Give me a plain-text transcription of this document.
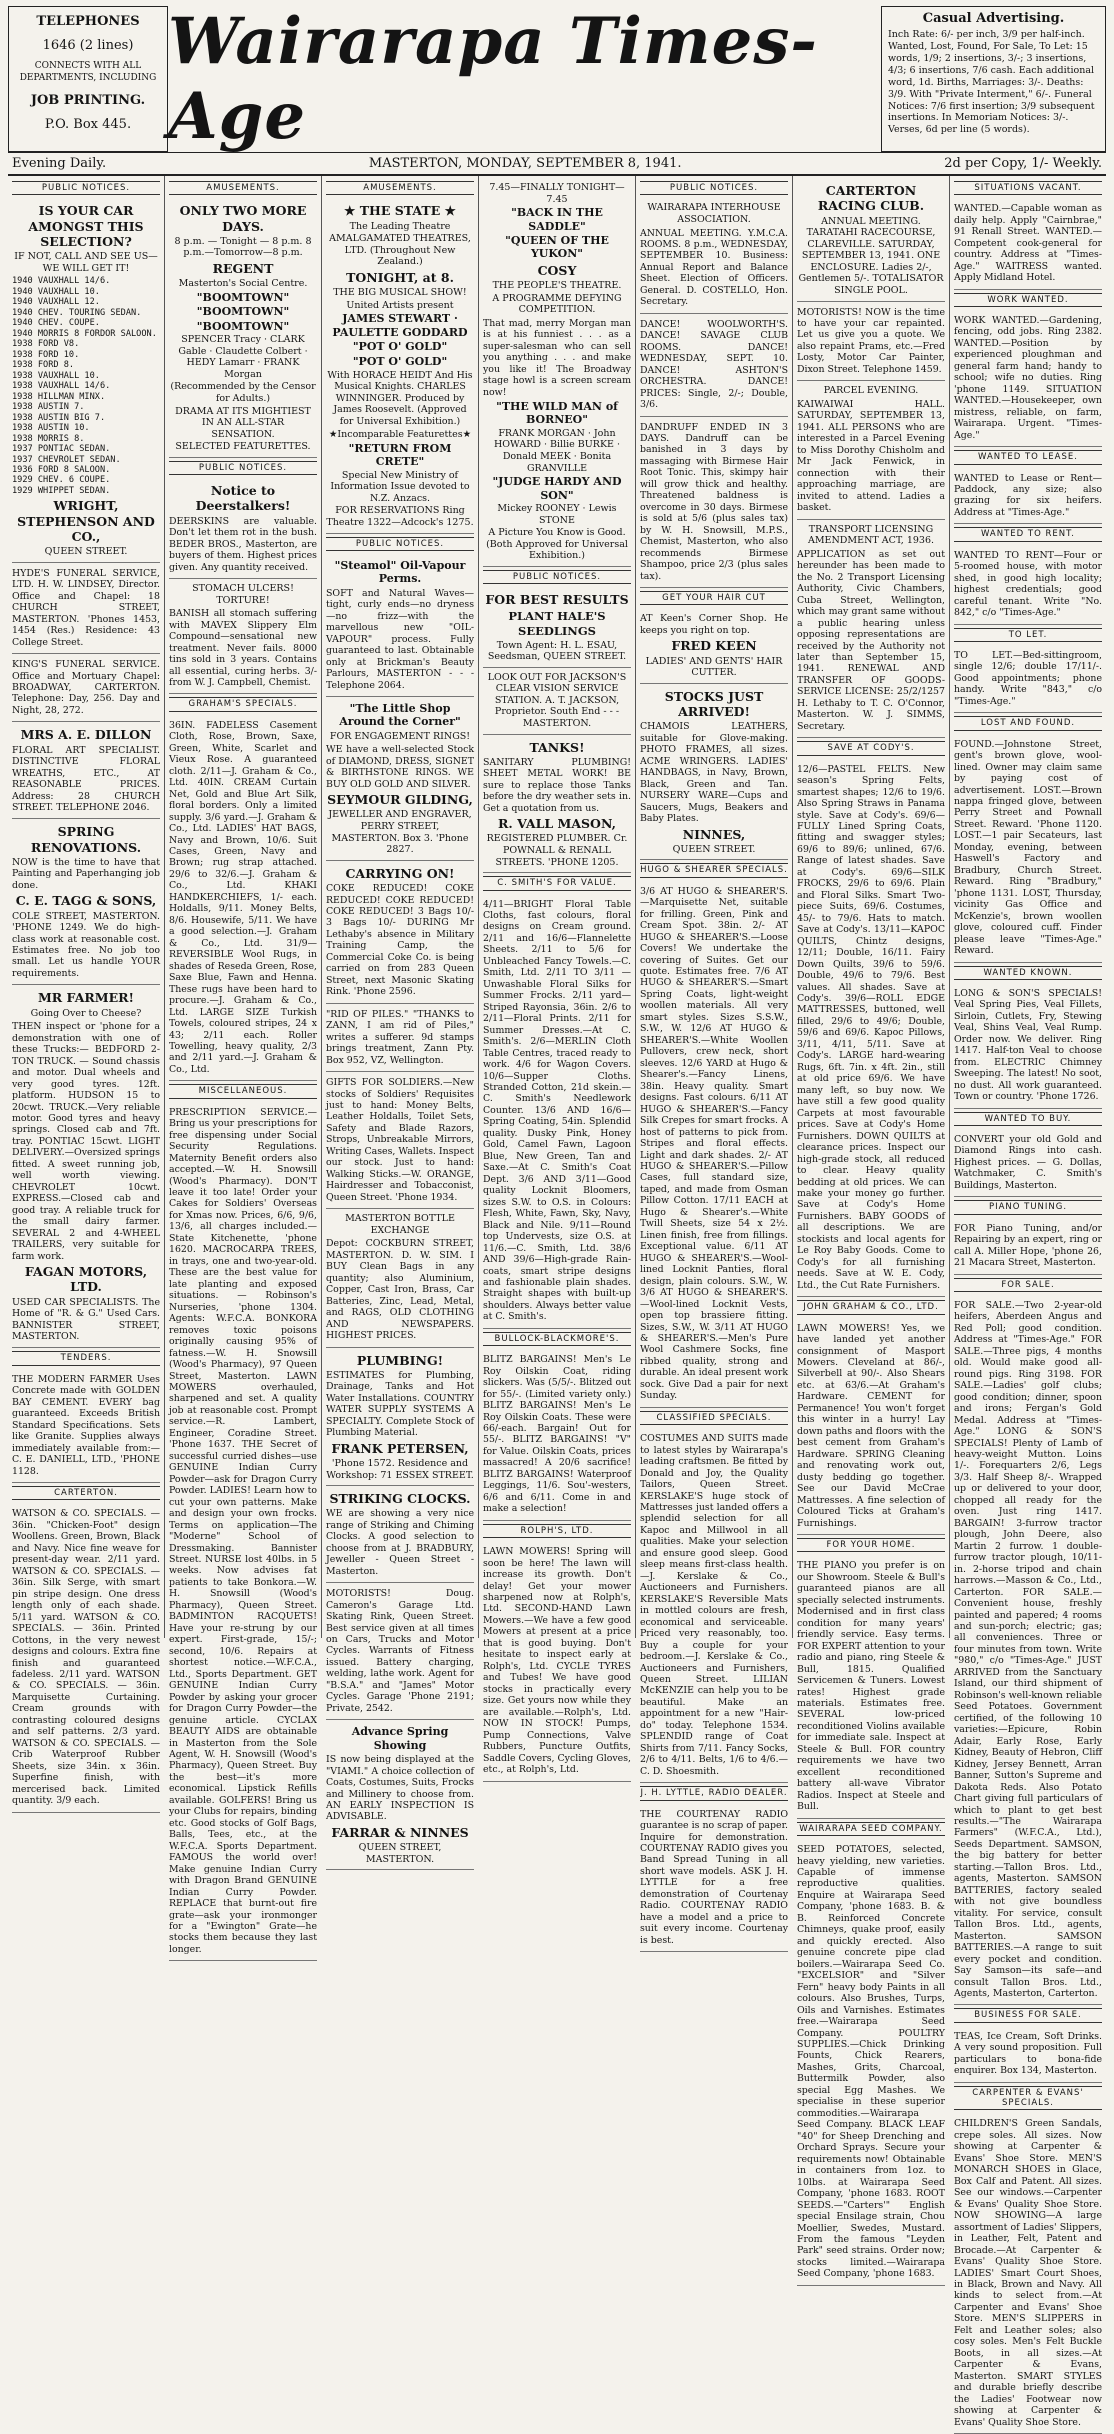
TELEPHONES
1646 (2 lines)
CONNECTS WITH ALL DEPARTMENTS, INCLUDING
JOB PRINTING.
P.O. Box 445.
Wairarapa Times-Age
Casual Advertising.
Inch Rate: 6/- per inch, 3/9 per half-inch. Wanted, Lost, Found, For Sale, To Let: 15 words, 1/9; 2 insertions, 3/-; 3 insertions, 4/3; 6 insertions, 7/6 cash. Each additional word, 1d. Births, Marriages: 3/-. Deaths: 3/9. With "Private Interment," 6/-. Funeral Notices: 7/6 first insertion; 3/9 subsequent insertions. In Memoriam Notices: 3/-. Verses, 6d per line (5 words).
Evening Daily.	MASTERTON, MONDAY, SEPTEMBER 8, 1941.	2d per Copy, 1/- Weekly.
PUBLIC NOTICES.
IS YOUR CAR AMONGST THIS SELECTION?
IF NOT, CALL AND SEE US— WE WILL GET IT!
1940 VAUXHALL 14/6.
1940 VAUXHALL 10.
1940 VAUXHALL 12.
1940 CHEV. TOURING SEDAN.
1940 CHEV. COUPE.
1940 MORRIS 8 FORDOR SALOON.
1938 FORD V8.
1938 FORD 10.
1938 FORD 8.
1938 VAUXHALL 10.
1938 VAUXHALL 14/6.
1938 HILLMAN MINX.
1938 AUSTIN 7.
1938 AUSTIN BIG 7.
1938 AUSTIN 10.
1938 MORRIS 8.
1937 PONTIAC SEDAN.
1937 CHEVROLET SEDAN.
1936 FORD 8 SALOON.
1929 CHEV. 6 COUPE.
1929 WHIPPET SEDAN.
WRIGHT, STEPHENSON AND CO.,
QUEEN STREET.

HYDE'S FUNERAL SERVICE, LTD. H. W. LINDSEY, Director. Office and Chapel: 18 CHURCH STREET, MASTERTON. 'Phones 1453, 1454 (Res.) Residence: 43 College Street.

KING'S FUNERAL SERVICE. Office and Mortuary Chapel: BROADWAY, CARTERTON. Telephone: Day, 256. Day and Night, 28, 272.

MRS A. E. DILLON

FLORAL ART SPECIALIST. DISTINCTIVE FLORAL WREATHS, ETC., AT REASONABLE PRICES. Address: 28 CHURCH STREET. TELEPHONE 2046.

SPRING RENOVATIONS.

NOW is the time to have that Painting and Paperhanging job done.

C. E. TAGG & SONS,

COLE STREET, MASTERTON. 'PHONE 1249. We do high-class work at reasonable cost. Estimates free. No job too small. Let us handle YOUR requirements.

MR FARMER!
Going Over to Cheese?

THEN inspect or 'phone for a demonstration with one of these Trucks:— BEDFORD 2-TON TRUCK. — Sound chassis and motor. Dual wheels and very good tyres. 12ft. platform. HUDSON 15 to 20cwt. TRUCK.—Very reliable motor. Good tyres and heavy springs. Closed cab and 7ft. tray. PONTIAC 15cwt. LIGHT DELIVERY.—Oversized springs fitted. A sweet running job, well worth viewing. CHEVROLET 10cwt. EXPRESS.—Closed cab and good tray. A reliable truck for the small dairy farmer. SEVERAL 2 and 4-WHEEL TRAILERS, very suitable for farm work.

FAGAN MOTORS, LTD.

USED CAR SPECIALISTS. The Home of "R. & G." Used Cars. BANNISTER STREET, MASTERTON.

TENDERS.

THE MODERN FARMER Uses Concrete made with GOLDEN BAY CEMENT. EVERY bag guaranteed. Exceeds British Standard Specifications. Sets like Granite. Supplies always immediately available from:— C. E. DANIELL, LTD., 'PHONE 1128.

CARTERTON.

WATSON & CO. SPECIALS. — 36in. "Chicken-Foot" design Woollens. Green, Brown, Black and Navy. Nice fine weave for present-day wear. 2/11 yard. WATSON & CO. SPECIALS. — 36in. Silk Serge, with smart pin stripe design. One dress length only of each shade. 5/11 yard. WATSON & CO. SPECIALS. — 36in. Printed Cottons, in the very newest designs and colours. Extra fine finish and guaranteed fadeless. 2/11 yard. WATSON & CO. SPECIALS. — 36in. Marquisette Curtaining. Cream grounds with contrasting coloured designs and self patterns. 2/3 yard. WATSON & CO. SPECIALS. — Crib Waterproof Rubber Sheets, size 34in. x 36in. Superfine finish, with mercerised back. Limited quantity. 3/9 each.

AMUSEMENTS.
ONLY TWO MORE DAYS.
8 p.m. — Tonight — 8 p.m. 8 p.m.—Tomorrow—8 p.m.
REGENT
Masterton's Social Centre.
"BOOMTOWN"
"BOOMTOWN"
"BOOMTOWN"
SPENCER Tracy · CLARK Gable · Claudette Colbert · HEDY Lamarr · FRANK Morgan
(Recommended by the Censor for Adults.)
DRAMA AT ITS MIGHTIEST IN AN ALL-STAR SENSATION.
SELECTED FEATURETTES.
PUBLIC NOTICES.
Notice to Deerstalkers!

DEERSKINS are valuable. Don't let them rot in the bush. BEDER BROS., Masterton, are buyers of them. Highest prices given. Any quantity received.

STOMACH ULCERS! TORTURE!

BANISH all stomach suffering with MAVEX Slippery Elm Compound—sensational new treatment. Never fails. 8000 tins sold in 3 years. Contains all essential, curing herbs. 3/- from W. J. Campbell, Chemist.

GRAHAM'S SPECIALS.

36IN. FADELESS Casement Cloth, Rose, Brown, Saxe, Green, White, Scarlet and Vieux Rose. A guaranteed cloth. 2/11—J. Graham & Co., Ltd. 40IN. CREAM Curtain Net, Gold and Blue Art Silk, floral borders. Only a limited supply. 3/6 yard.—J. Graham & Co., Ltd. LADIES' HAT BAGS, Navy and Brown, 10/6. Suit Cases, Green, Navy and Brown; rug strap attached. 29/6 to 32/6.—J. Graham & Co., Ltd. KHAKI HANDKERCHIEFS, 1/- each. Holdalls, 9/11. Money Belts, 8/6. Housewife, 5/11. We have a good selection.—J. Graham & Co., Ltd. 31/9—REVERSIBLE Wool Rugs, in shades of Reseda Green, Rose, Saxe Blue, Fawn and Henna. These rugs have been hard to procure.—J. Graham & Co., Ltd. LARGE SIZE Turkish Towels, coloured stripes, 24 x 43; 2/11 each. Roller Towelling, heavy quality, 2/3 and 2/11 yard.—J. Graham & Co., Ltd.

MISCELLANEOUS.

PRESCRIPTION SERVICE.—Bring us your prescriptions for free dispensing under Social Security Regulations. Maternity Benefit orders also accepted.—W. H. Snowsill (Wood's Pharmacy). DON'T leave it too late! Order your Cakes for Soldiers' Overseas for Xmas now. Prices, 6/6, 9/6, 13/6, all charges included.—State Kitchenette, 'phone 1620. MACROCARPA TREES, in trays, one and two-year-old. These are the best value for late planting and exposed situations. — Robinson's Nurseries, 'phone 1304. Agents: W.F.C.A. BONKORA removes toxic poisons originally causing 95% of fatness.—W. H. Snowsill (Wood's Pharmacy), 97 Queen Street, Masterton. LAWN MOWERS overhauled, sharpened and set. A quality job at reasonable cost. Prompt service.—R. Lambert, Engineer, Coradine Street. 'Phone 1637. THE Secret of successful curried dishes—use GENUINE Indian Curry Powder—ask for Dragon Curry Powder. LADIES! Learn how to cut your own patterns. Make and design your own frocks. Terms on application—The "Moderne" School of Dressmaking. Bannister Street. NURSE lost 40lbs. in 5 weeks. Now advises fat patients to take Bonkora.—W. H. Snowsill (Wood's Pharmacy), Queen Street. BADMINTON RACQUETS! Have your re-strung by our expert. First-grade, 15/-; second, 10/6. Repairs at shortest notice.—W.F.C.A., Ltd., Sports Department. GET GENUINE Indian Curry Powder by asking your grocer for Dragon Curry Powder—the genuine article. CYCLAX BEAUTY AIDS are obtainable in Masterton from the Sole Agent, W. H. Snowsill (Wood's Pharmacy), Queen Street. Buy the best—it's more economical. Lipstick Refills available. GOLFERS! Bring us your Clubs for repairs, binding etc. Good stocks of Golf Bags, Balls, Tees, etc., at the W.F.C.A. Sports Department. FAMOUS the world over! Make genuine Indian Curry with Dragon Brand GENUINE Indian Curry Powder. REPLACE that burnt-out fire grate—ask your ironmonger for a "Ewington" Grate—he stocks them because they last longer.

AMUSEMENTS.
★ THE STATE ★
The Leading Theatre
AMALGAMATED THEATRES, LTD. (Throughout New Zealand.)
TONIGHT, at 8.
THE BIG MUSICAL SHOW!
United Artists present
JAMES STEWART · PAULETTE GODDARD
"POT O' GOLD"
"POT O' GOLD"

With HORACE HEIDT And His Musical Knights. CHARLES WINNINGER. Produced by James Roosevelt. (Approved for Universal Exhibition.)

★Incomparable Featurettes★
"RETURN FROM CRETE"
Special New Ministry of Information Issue devoted to N.Z. Anzacs.
FOR RESERVATIONS Ring Theatre 1322—Adcock's 1275.
PUBLIC NOTICES.
"Steamol" Oil-Vapour Perms.

SOFT and Natural Waves—tight, curly ends—no dryness—no frizz—with the marvellous new "OIL-VAPOUR" process. Fully guaranteed to last. Obtainable only at Brickman's Beauty Parlours, MASTERTON - - - Telephone 2064.

"The Little Shop Around the Corner"
FOR ENGAGEMENT RINGS!

WE have a well-selected Stock of DIAMOND, DRESS, SIGNET & BIRTHSTONE RINGS. WE BUY OLD GOLD AND SILVER.

SEYMOUR GILDING,
JEWELLER AND ENGRAVER, PERRY STREET, MASTERTON. Box 3. 'Phone 2827.
CARRYING ON!

COKE REDUCED! COKE REDUCED! COKE REDUCED! COKE REDUCED! 3 Bags 10/- 3 Bags 10/- DURING Mr Lethaby's absence in Military Training Camp, the Commercial Coke Co. is being carried on from 283 Queen Street, next Masonic Skating Rink. 'Phone 2596.

"RID OF PILES." "THANKS to ZANN, I am rid of Piles," writes a sufferer. 9d stamps brings treatment, Zann Pty. Box 952, VZ, Wellington.

GIFTS FOR SOLDIERS.—New stocks of Soldiers' Requisites just to hand: Money Belts, Leather Holdalls, Toilet Sets, Safety and Blade Razors, Strops, Unbreakable Mirrors, Writing Cases, Wallets. Inspect our stock. Just to hand: Walking Sticks.—W. ORANGE, Hairdresser and Tobacconist, Queen Street. 'Phone 1934.

MASTERTON BOTTLE EXCHANGE

Depot: COCKBURN STREET, MASTERTON. D. W. SIM. I BUY Clean Bags in any quantity; also Aluminium, Copper, Cast Iron, Brass, Car Batteries, Zinc, Lead, Metal, and RAGS, OLD CLOTHING AND NEWSPAPERS. HIGHEST PRICES.

PLUMBING!

ESTIMATES for Plumbing, Drainage, Tanks and Hot Water Installations. COUNTRY WATER SUPPLY SYSTEMS A SPECIALTY. Complete Stock of Plumbing Material.

FRANK PETERSEN,
'Phone 1572. Residence and Workshop: 71 ESSEX STREET.
STRIKING CLOCKS.

WE are showing a very nice range of Striking and Chiming Clocks. A good selection to choose from at J. BRADBURY, Jeweller - Queen Street - Masterton.

MOTORISTS! Doug. Cameron's Garage Ltd. Skating Rink, Queen Street. Best service given at all times on Cars, Trucks and Motor Cycles. Warrants of Fitness issued. Battery charging, welding, lathe work. Agent for "B.S.A." and "James" Motor Cycles. Garage 'Phone 2191; Private, 2542.

Advance Spring Showing

IS now being displayed at the "VIAMI." A choice collection of Coats, Costumes, Suits, Frocks and Millinery to choose from. AN EARLY INSPECTION IS ADVISABLE.

FARRAR & NINNES
QUEEN STREET, MASTERTON.
7.45—FINALLY TONIGHT—7.45
"BACK IN THE SADDLE"
"QUEEN OF THE YUKON"
COSY
THE PEOPLE'S THEATRE.
A PROGRAMME DEFYING COMPETITION.

That mad, merry Morgan man is at his funniest . . . as a super-salesman who can sell you anything . . . and make you like it! The Broadway stage howl is a screen scream now!

"THE WILD MAN of BORNEO"
FRANK MORGAN · John HOWARD · Billie BURKE · Donald MEEK · Bonita GRANVILLE
"JUDGE HARDY AND SON"
Mickey ROONEY · Lewis STONE
A Picture You Know is Good. (Both Approved for Universal Exhibition.)
PUBLIC NOTICES.
FOR BEST RESULTS
PLANT HALE'S SEEDLINGS
Town Agent: H. L. ESAU, Seedsman, QUEEN STREET.
LOOK OUT FOR JACKSON'S CLEAR VISION SERVICE STATION. A. T. JACKSON, Proprietor. South End - - - MASTERTON.
TANKS!

SANITARY PLUMBING! SHEET METAL WORK! BE sure to replace those Tanks before the dry weather sets in. Get a quotation from us.

R. VALL MASON,
REGISTERED PLUMBER. Cr. POWNALL & RENALL STREETS. 'PHONE 1205.
C. SMITH'S FOR VALUE.

4/11—BRIGHT Floral Table Cloths, fast colours, floral designs on Cream ground. 2/11 and 16/6—Flannelette Sheets. 2/11 to 5/6 for Unbleached Fancy Towels.—C. Smith, Ltd. 2/11 TO 3/11 — Unwashable Floral Silks for Summer Frocks. 2/11 yard—Striped Rayonsia, 36in. 2/6 to 2/11—Floral Prints. 2/11 for Summer Dresses.—At C. Smith's. 2/6—MERLIN Cloth Table Centres, traced ready to work. 4/6 for Wagon Covers. 10/6—Supper Cloths. Stranded Cotton, 21d skein.—C. Smith's Needlework Counter. 13/6 AND 16/6—Spring Coating, 54in. Splendid quality. Dusky Pink, Honey Gold, Camel Fawn, Lagoon Blue, New Green, Tan and Saxe.—At C. Smith's Coat Dept. 3/6 AND 3/11—Good quality Locknit Bloomers, sizes S.W. to O.S. in Colours: Flesh, White, Fawn, Sky, Navy, Black and Nile. 9/11—Round top Undervests, size O.S. at 11/6.—C. Smith, Ltd. 38/6 AND 39/6—High-grade Rain-coats, smart stripe designs and fashionable plain shades. Straight shapes with built-up shoulders. Always better value at C. Smith's.

BULLOCK-BLACKMORE'S.

BLITZ BARGAINS! Men's Le Roy Oilskin Coat, riding slickers. Was (5/5/-. Blitzed out for 55/-. (Limited variety only.) BLITZ BARGAINS! Men's Le Roy Oilskin Coats. These were 66/-each. Bargain! Out for 55/-. BLITZ BARGAINS! "V" for Value. Oilskin Coats, prices massacred! A 20/6 sacrifice! BLITZ BARGAINS! Waterproof Leggings, 11/6. Sou'-westers, 6/6 and 6/11. Come in and make a selection!

ROLPH'S, LTD.

LAWN MOWERS! Spring will soon be here! The lawn will increase its growth. Don't delay! Get your mower sharpened now at Rolph's, Ltd. SECOND-HAND Lawn Mowers.—We have a few good Mowers at present at a price that is good buying. Don't hesitate to inspect early at Rolph's, Ltd. CYCLE TYRES and Tubes! We have good stocks in practically every size. Get yours now while they are available.—Rolph's, Ltd. NOW IN STOCK! Pumps, Pump Connections, Valve Rubbers, Puncture Outfits, Saddle Covers, Cycling Gloves, etc., at Rolph's, Ltd.

PUBLIC NOTICES.
WAIRARAPA INTERHOUSE ASSOCIATION.

ANNUAL MEETING. Y.M.C.A. ROOMS. 8 p.m., WEDNESDAY, SEPTEMBER 10. Business: Annual Report and Balance Sheet. Election of Officers. General. D. COSTELLO, Hon. Secretary.

DANCE! WOOLWORTH'S. DANCE! SAVAGE CLUB ROOMS. DANCE! WEDNESDAY, SEPT. 10. DANCE! ASHTON'S ORCHESTRA. DANCE! PRICES: Single, 2/-; Double, 3/6.

DANDRUFF ENDED IN 3 DAYS. Dandruff can be banished in 3 days by massaging with Birmese Hair Root Tonic. This, skimpy hair will grow thick and healthy. Threatened baldness is overcome in 30 days. Birmese is sold at 5/6 (plus sales tax) by W. H. Snowsill, M.P.S., Chemist, Masterton, who also recommends Birmese Shampoo, price 2/3 (plus sales tax).

GET YOUR HAIR CUT

AT Keen's Corner Shop. He keeps you right on top.

FRED KEEN
LADIES' AND GENTS' HAIR CUTTER.
STOCKS JUST ARRIVED!

CHAMOIS LEATHERS, suitable for Glove-making. PHOTO FRAMES, all sizes. ACME WRINGERS. LADIES' HANDBAGS, in Navy, Brown, Black, Green and Tan. NURSERY WARE—Cups and Saucers, Mugs, Beakers and Baby Plates.

NINNES,
QUEEN STREET.
HUGO & SHEARER SPECIALS.

3/6 AT HUGO & SHEARER'S.—Marquisette Net, suitable for frilling. Green, Pink and Cream Spot. 38in. 2/- AT HUGO & SHEARER'S.—Loose Covers! We undertake the covering of Suites. Get our quote. Estimates free. 7/6 AT HUGO & SHEARER'S.—Smart Spring Coats, light-weight woollen materials. All very smart styles. Sizes S.S.W., S.W., W. 12/6 AT HUGO & SHEARER'S.—White Woollen Pullovers, crew neck, short sleeves. 12/6 YARD at Hugo & Shearer's.—Fancy Linens, 38in. Heavy quality. Smart designs. Fast colours. 6/11 AT HUGO & SHEARER'S.—Fancy Silk Crepes for smart frocks. A host of patterns to pick from. Stripes and floral effects. Light and dark shades. 2/- AT HUGO & SHEARER'S.—Pillow Cases, full standard size, taped, and made from Osman Pillow Cotton. 17/11 EACH at Hugo & Shearer's.—White Twill Sheets, size 54 x 2½. Linen finish, free from fillings. Exceptional value. 6/11 AT HUGO & SHEARER'S.—Wool-lined Locknit Panties, floral design, plain colours. S.W., W. 3/6 AT HUGO & SHEARER'S.—Wool-lined Locknit Vests, open top brassiere fitting. Sizes, S.W., W. 3/11 AT HUGO & SHEARER'S.—Men's Pure Wool Cashmere Socks, fine ribbed quality, strong and durable. An ideal present work sock. Give Dad a pair for next Sunday.

CLASSIFIED SPECIALS.

COSTUMES AND SUITS made to latest styles by Wairarapa's leading craftsmen. Be fitted by Donald and Joy, the Quality Tailors, Queen Street. KERSLAKE'S huge stock of Mattresses just landed offers a splendid selection for all Kapoc and Millwool in all qualities. Make your selection and ensure good sleep. Good sleep means first-class health.—J. Kerslake & Co., Auctioneers and Furnishers. KERSLAKE'S Reversible Mats in mottled colours are fresh, economical and serviceable. Priced very reasonably, too. Buy a couple for your bedroom.—J. Kerslake & Co., Auctioneers and Furnishers, Queen Street. LILIAN McKENZIE can help you to be beautiful. Make an appointment for a new "Hair-do" today. Telephone 1534. SPLENDID range of Coat Shirts from 7/11. Fancy Socks, 2/6 to 4/11. Belts, 1/6 to 4/6.—C. D. Shoesmith.

J. H. LYTTLE, RADIO DEALER.

THE COURTENAY RADIO guarantee is no scrap of paper. Inquire for demonstration. COURTENAY RADIO gives you Band Spread Tuning in all short wave models. ASK J. H. LYTTLE for a free demonstration of Courtenay Radio. COURTENAY RADIO have a model and a price to suit every income. Courtenay is best.

CARTERTON RACING CLUB.
ANNUAL MEETING. TARATAHI RACECOURSE, CLAREVILLE. SATURDAY, SEPTEMBER 13, 1941. ONE ENCLOSURE. Ladies 2/-, Gentlemen 5/-. TOTALISATOR SINGLE POOL.

MOTORISTS! NOW is the time to have your car repainted. Let us give you a quote. We also repaint Prams, etc.—Fred Losty, Motor Car Painter, Dixon Street. Telephone 1459.

PARCEL EVENING.

KAIWAIWAI HALL. SATURDAY, SEPTEMBER 13, 1941. ALL PERSONS who are interested in a Parcel Evening to Miss Dorothy Chisholm and Mr Jack Fenwick, in connection with their approaching marriage, are invited to attend. Ladies a basket.

TRANSPORT LICENSING AMENDMENT ACT, 1936.

APPLICATION as set out hereunder has been made to the No. 2 Transport Licensing Authority, Civic Chambers, Cuba Street, Wellington, which may grant same without a public hearing unless opposing representations are received by the Authority not later than September 15, 1941. RENEWAL AND TRANSFER OF GOODS-SERVICE LICENSE: 25/2/1257 H. Lethaby to T. C. O'Connor, Masterton. W. J. SIMMS, Secretary.

SAVE AT CODY'S.

12/6—PASTEL FELTS. New season's Spring Felts, smartest shapes; 12/6 to 19/6. Also Spring Straws in Panama style. Save at Cody's. 69/6—FULLY Lined Spring Coats, fitting and swagger styles; 69/6 to 89/6; unlined, 67/6. Range of latest shades. Save at Cody's. 69/6—SILK FROCKS, 29/6 to 69/6. Plain and Floral Silks. Smart Two-piece Suits, 69/6. Costumes, 45/- to 79/6. Hats to match. Save at Cody's. 13/11—KAPOC QUILTS, Chintz designs, 12/11; Double, 16/11. Fairy Down Quilts, 39/6 to 59/6. Double, 49/6 to 79/6. Best values. All shades. Save at Cody's. 39/6—ROLL EDGE MATTRESSES, buttoned, well filled, 29/6 to 49/6; Double, 59/6 and 69/6. Kapoc Pillows, 3/11, 4/11, 5/11. Save at Cody's. LARGE hard-wearing Rugs, 6ft. 7in. x 4ft. 2in., still at old price 69/6. We have many left, so buy now. We have still a few good quality Carpets at most favourable prices. Save at Cody's Home Furnishers. DOWN QUILTS at clearance prices. Inspect our high-grade stock, all reduced to clear. Heavy quality bedding at old prices. We can make your money go further. Save at Cody's Home Furnishers. BABY GOODS of all descriptions. We are stockists and local agents for Le Roy Baby Goods. Come to Cody's for all furnishing needs. Save at W. E. Cody, Ltd., the Cut Rate Furnishers.

JOHN GRAHAM & CO., LTD.

LAWN MOWERS! Yes, we have landed yet another consignment of Masport Mowers. Cleveland at 86/-, Silverbell at 90/-. Also Shears etc. at 63/6.—At Graham's Hardware. CEMENT for Permanence! You won't forget this winter in a hurry! Lay down paths and floors with the best cement from Graham's Hardware. SPRING Cleaning and renovating work out, dusty bedding go together. See our David McCrae Mattresses. A fine selection of Coloured Ticks at Graham's Furnishings.

FOR YOUR HOME.

THE PIANO you prefer is on our Showroom. Steele & Bull's guaranteed pianos are all specially selected instruments. Modernised and in first class condition for many years' friendly service. Easy terms. FOR EXPERT attention to your radio and piano, ring Steele & Bull, 1815. Qualified Servicemen & Tuners. Lowest rates! Highest grade materials. Estimates free. SEVERAL low-priced reconditioned Violins available for immediate sale. Inspect at Steele & Bull. FOR country requirements we have two excellent reconditioned battery all-wave Vibrator Radios. Inspect at Steele and Bull.

WAIRARAPA SEED COMPANY.

SEED POTATOES, selected, heavy yielding, new varieties. Capable of immense reproductive qualities. Enquire at Wairarapa Seed Company, 'phone 1683. B. & B. Reinforced Concrete Chimneys, quake proof, easily and quickly erected. Also genuine concrete pipe clad boilers.—Wairarapa Seed Co. "EXCELSIOR" and "Silver Fern" heavy body Paints in all colours. Also Brushes, Turps, Oils and Varnishes. Estimates free.—Wairarapa Seed Company. POULTRY SUPPLIES.—Chick Drinking Founts, Chick Rearers, Mashes, Grits, Charcoal, Buttermilk Powder, also special Egg Mashes. We specialise in these superior commodities.—Wairarapa Seed Company. BLACK LEAF "40" for Sheep Drenching and Orchard Sprays. Secure your requirements now! Obtainable in containers from 1oz. to 10lbs. at Wairarapa Seed Company, 'phone 1683. ROOT SEEDS.—"Carters'" English special Ensilage strain, Chou Moellier, Swedes, Mustard. From the famous "Leyden Park" seed strains. Order now; stocks limited.—Wairarapa Seed Company, 'phone 1683.

SITUATIONS VACANT.

WANTED.—Capable woman as daily help. Apply "Cairnbrae," 91 Renall Street. WANTED.—Competent cook-general for country. Address at "Times-Age." WAITRESS wanted. Apply Midland Hotel.

WORK WANTED.

WORK WANTED.—Gardening, fencing, odd jobs. Ring 2382. WANTED.—Position by experienced ploughman and general farm hand; handy to school; wife no duties. Ring 'phone 1149. SITUATION WANTED.—Housekeeper, own mistress, reliable, on farm, Wairarapa. Urgent. "Times-Age."

WANTED TO LEASE.

WANTED to Lease or Rent—Paddock, any size; also grazing for six heifers. Address at "Times-Age."

WANTED TO RENT.

WANTED TO RENT—Four or 5-roomed house, with motor shed, in good high locality; highest credentials; good careful tenant. Write "No. 842," c/o "Times-Age."

TO LET.

TO LET.—Bed-sittingroom, single 12/6; double 17/11/-. Good appointments; phone handy. Write "843," c/o "Times-Age."

LOST AND FOUND.

FOUND.—Johnstone Street, gent's brown glove, wool-lined. Owner may claim same by paying cost of advertisement. LOST.—Brown nappa fringed glove, between Perry Street and Pownall Street. Reward. 'Phone 1120. LOST.—1 pair Secateurs, last Monday, evening, between Haswell's Factory and Bradbury, Church Street. Reward. Ring "Bradbury," 'phone 1131. LOST, Thursday, vicinity Gas Office and McKenzie's, brown woollen glove, coloured cuff. Finder please leave "Times-Age." Reward.

WANTED KNOWN.

LONG & SON'S SPECIALS! Veal Spring Pies, Veal Fillets, Sirloin, Cutlets, Fry, Stewing Veal, Shins Veal, Veal Rump. Order now. We deliver. Ring 1417. Half-ton Veal to choose from. ELECTRIC Chimney Sweeping. The latest! No soot, no dust. All work guaranteed. Town or country. 'Phone 1726.

WANTED TO BUY.

CONVERT your old Gold and Diamond Rings into cash. Highest prices. — G. Dollas, Watchmaker, C. Smith's Buildings, Masterton.

PIANO TUNING.

FOR Piano Tuning, and/or Repairing by an expert, ring or call A. Miller Hope, 'phone 26, 21 Macara Street, Masterton.

FOR SALE.

FOR SALE.—Two 2-year-old heifers, Aberdeen Angus and Red Poll; good condition. Address at "Times-Age." FOR SALE.—Three pigs, 4 months old. Would make good all-round pigs. Ring 3198. FOR SALE.—Ladies' golf clubs; good condition; dinner, spoon and irons; Fergan's Gold Medal. Address at "Times-Age." LONG & SON'S SPECIALS! Plenty of Lamb of heavy-weight Mutton. Loins 1/-. Forequarters 2/6, Legs 3/3. Half Sheep 8/-. Wrapped up or delivered to your door, chopped all ready for the oven. Just ring 1417. BARGAIN! 3-furrow tractor plough, John Deere, also Martin 2 furrow. 1 double-furrow tractor plough, 10/11-in. 2-horse tripod and chain harrows.—Masson & Co., Ltd., Carterton. FOR SALE.—Convenient house, freshly painted and papered; 4 rooms and sun-porch; electric; gas; all conveniences. Three or four minutes from town. Write "980," c/o "Times-Age." JUST ARRIVED from the Sanctuary Island, our third shipment of Robinson's well-known reliable Seed Potatoes. Government certified, of the following 10 varieties:—Epicure, Robin Adair, Early Rose, Early Kidney, Beauty of Hebron, Cliff Kidney, Jersey Bennett, Arran Banner, Sutton's Supreme and Dakota Reds. Also Potato Chart giving full particulars of which to plant to get best results.—"The Wairarapa Farmers" (W.F.C.A., Ltd.), Seeds Department. SAMSON, the big battery for better starting.—Tallon Bros. Ltd., agents, Masterton. SAMSON BATTERIES, factory sealed with not give boundless vitality. For service, consult Tallon Bros. Ltd., agents, Masterton. SAMSON BATTERIES.—A range to suit every pocket and condition. Say Samson—its safe—and consult Tallon Bros. Ltd., Agents, Masterton, Carterton.

BUSINESS FOR SALE.

TEAS, Ice Cream, Soft Drinks. A very sound proposition. Full particulars to bona-fide enquirer. Box 134, Masterton.

CARPENTER & EVANS' SPECIALS.

CHILDREN'S Green Sandals, crepe soles. All sizes. Now showing at Carpenter & Evans' Shoe Store. MEN'S MONARCH SHOES in Glace, Box Calf and Patent. All sizes. See our windows.—Carpenter & Evans' Quality Shoe Store. NOW SHOWING—A large assortment of Ladies' Slippers, in Leather, Felt, Patent and Brocade.—At Carpenter & Evans' Quality Shoe Store. LADIES' Smart Court Shoes, in Black, Brown and Navy. All kinds to select from.—At Carpenter and Evans' Shoe Store. MEN'S SLIPPERS in Felt and Leather soles; also cosy soles. Men's Felt Buckle Boots, in all sizes.—At Carpenter & Evans, Masterton. SMART STYLES and durable briefly describe the Ladies' Footwear now showing at Carpenter & Evans' Quality Shoe Store.
